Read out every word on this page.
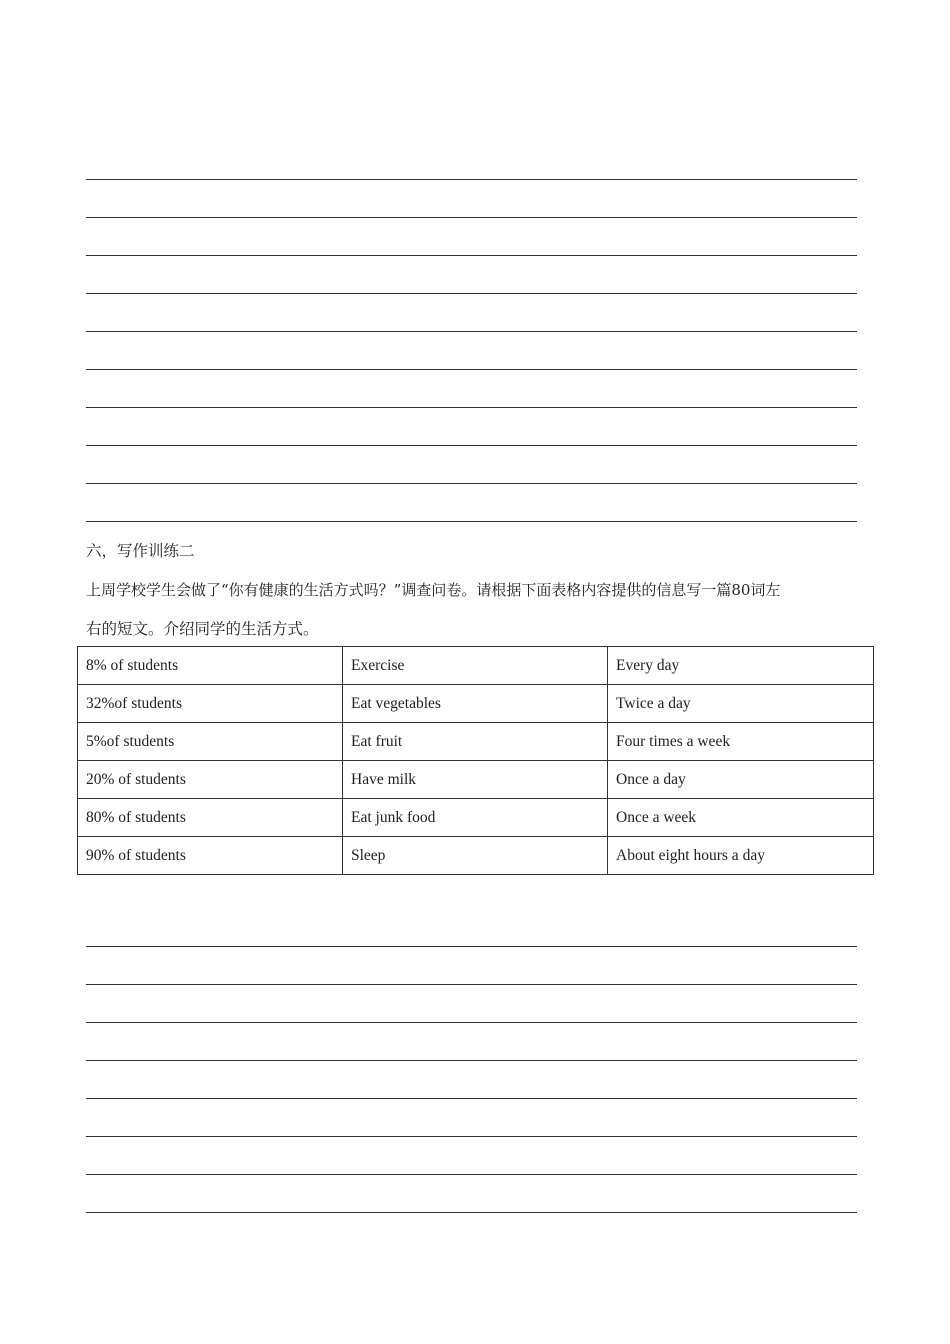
六，写作训练二
上周学校学生会做了“你有健康的生活方式吗？”调查问卷。请根据下面表格内容提供的信息写一篇80词左
右的短文。介绍同学的生活方式。
8% of students	Exercise	Every day
32%of students	Eat vegetables	Twice a day
5%of students	Eat fruit	Four times a week
20% of students	Have milk	Once a day
80% of students	Eat junk food	Once a week
90% of students	Sleep	About eight hours a day
